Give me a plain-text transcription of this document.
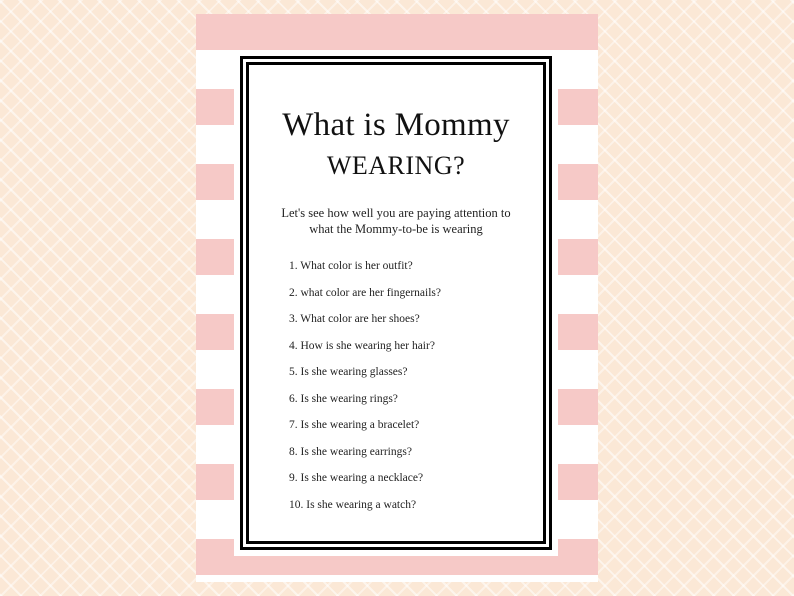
What is Mommy
WEARING?
Let's see how well you are paying attention to
what the Mommy-to-be is wearing
1. What color is her outfit?
2. what color are her fingernails?
3. What color are her shoes?
4. How is she wearing her hair?
5. Is she wearing glasses?
6. Is she wearing rings?
7. Is she wearing a bracelet?
8. Is she wearing earrings?
9. Is she wearing a necklace?
10. Is she wearing a watch?
